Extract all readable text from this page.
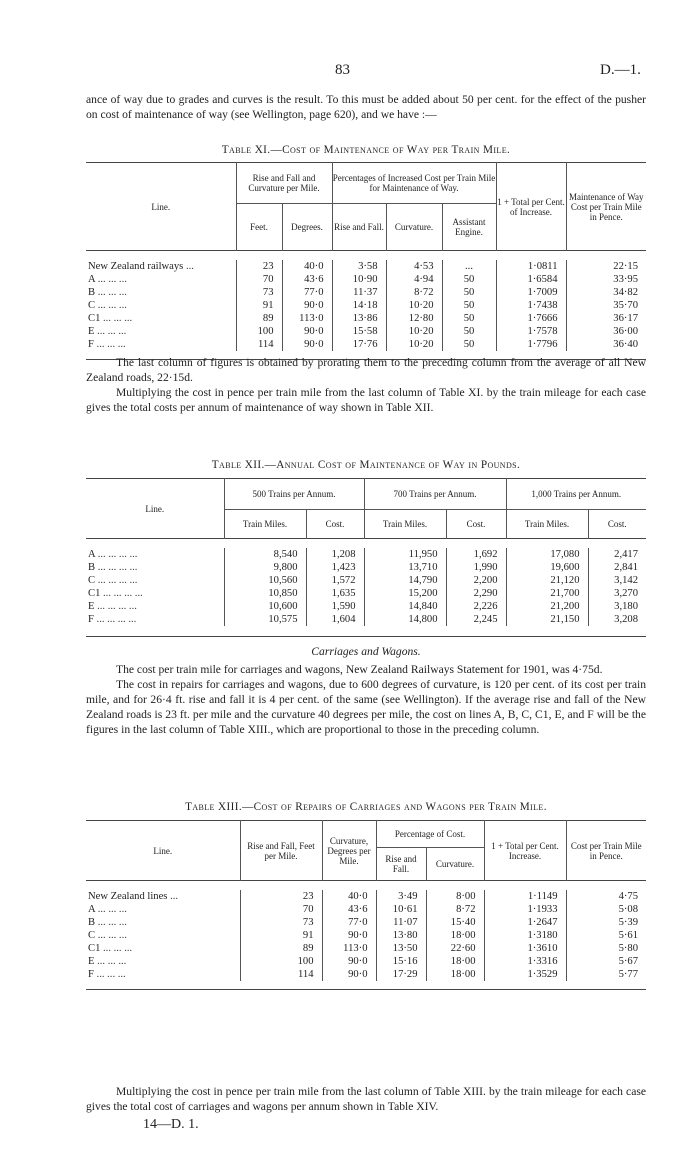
83	D.—1.

ance of way due to grades and curves is the result. To this must be added about 50 per cent. for the effect of the pusher on cost of maintenance of way (see Wellington, page 620), and we have :—

Table XI.—Cost of Maintenance of Way per Train Mile.
Line.	Rise and Fall and Curvature per Mile.		Percentages of Increased Cost per Train Mile for Maintenance of Way.			1 + Total per Cent. of Increase.	Maintenance of Way Cost per Train Mile in Pence.
	Feet.	Degrees.	Rise and Fall.	Curvature.	Assistant Engine.		

New Zealand railways ...	23	40·0	3·58	4·53	...	1·0811	22·15
A ... ... ...	70	43·6	10·90	4·94	50	1·6584	33·95
B ... ... ...	73	77·0	11·37	8·72	50	1·7009	34·82
C ... ... ...	91	90·0	14·18	10·20	50	1·7438	35·70
C1 ... ... ...	89	113·0	13·86	12·80	50	1·7666	36·17
E ... ... ...	100	90·0	15·58	10·20	50	1·7578	36·00
F ... ... ...	114	90·0	17·76	10·20	50	1·7796	36·40

The last column of figures is obtained by prorating them to the preceding column from the average of all New Zealand roads, 22·15d.

Multiplying the cost in pence per train mile from the last column of Table XI. by the train mileage for each case gives the total costs per annum of maintenance of way shown in Table XII.

Table XII.—Annual Cost of Maintenance of Way in Pounds.
Line.	500 Trains per Annum.		700 Trains per Annum.		1,000 Trains per Annum.	
	Train Miles.	Cost.	Train Miles.	Cost.	Train Miles.	Cost.

A ... ... ... ...	8,540	1,208	11,950	1,692	17,080	2,417
B ... ... ... ...	9,800	1,423	13,710	1,990	19,600	2,841
C ... ... ... ...	10,560	1,572	14,790	2,200	21,120	3,142
C1 ... ... ... ...	10,850	1,635	15,200	2,290	21,700	3,270
E ... ... ... ...	10,600	1,590	14,840	2,226	21,200	3,180
F ... ... ... ...	10,575	1,604	14,800	2,245	21,150	3,208

Carriages and Wagons.

The cost per train mile for carriages and wagons, New Zealand Railways Statement for 1901, was 4·75d.

The cost in repairs for carriages and wagons, due to 600 degrees of curvature, is 120 per cent. of its cost per train mile, and for 26·4 ft. rise and fall it is 4 per cent. of the same (see Wellington). If the average rise and fall of the New Zealand roads is 23 ft. per mile and the curvature 40 degrees per mile, the cost on lines A, B, C, C1, E, and F will be the figures in the last column of Table XIII., which are proportional to those in the preceding column.

Table XIII.—Cost of Repairs of Carriages and Wagons per Train Mile.
Line.	Rise and Fall, Feet per Mile.	Curvature, Degrees per Mile.	Percentage of Cost.		1 + Total per Cent. Increase.	Cost per Train Mile in Pence.
			Rise and Fall.	Curvature.		

New Zealand lines ...	23	40·0	3·49	8·00	1·1149	4·75
A ... ... ...	70	43·6	10·61	8·72	1·1933	5·08
B ... ... ...	73	77·0	11·07	15·40	1·2647	5·39
C ... ... ...	91	90·0	13·80	18·00	1·3180	5·61
C1 ... ... ...	89	113·0	13·50	22·60	1·3610	5·80
E ... ... ...	100	90·0	15·16	18·00	1·3316	5·67
F ... ... ...	114	90·0	17·29	18·00	1·3529	5·77

Multiplying the cost in pence per train mile from the last column of Table XIII. by the train mileage for each case gives the total cost of carriages and wagons per annum shown in Table XIV.

14—D. 1.
